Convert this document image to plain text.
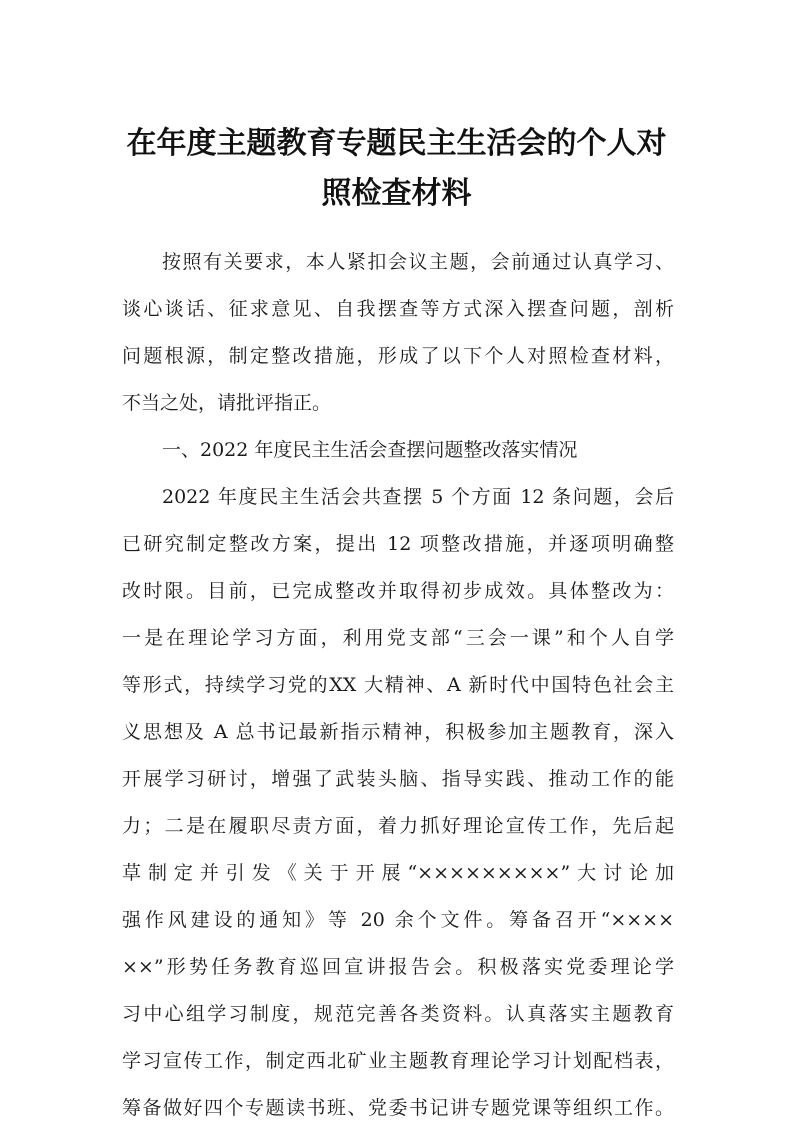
在年度主题教育专题民主生活会的个人对
照检查材料

按照有关要求，本人紧扣会议主题，会前通过认真学习、

谈心谈话、征求意见、自我摆查等方式深入摆查问题，剖析

问题根源，制定整改措施，形成了以下个人对照检查材料，

不当之处，请批评指正。

一、2022 年度民主生活会查摆问题整改落实情况

2022 年度民主生活会共查摆 5 个方面 12 条问题，会后

已研究制定整改方案，提出 12 项整改措施，并逐项明确整

改时限。目前，已完成整改并取得初步成效。具体整改为：

一是在理论学习方面，利用党支部“三会一课”和个人自学

等形式，持续学习党的XX 大精神、A 新时代中国特色社会主

义思想及 A 总书记最新指示精神，积极参加主题教育，深入

开展学习研讨，增强了武装头脑、指导实践、推动工作的能

力；二是在履职尽责方面，着力抓好理论宣传工作，先后起

草制定并引发《关于开展“×××××××××”大讨论加

强作风建设的通知》等 20 余个文件。筹备召开“××××

××”形势任务教育巡回宣讲报告会。积极落实党委理论学

习中心组学习制度，规范完善各类资料。认真落实主题教育

学习宣传工作，制定西北矿业主题教育理论学习计划配档表，

筹备做好四个专题读书班、党委书记讲专题党课等组织工作。
